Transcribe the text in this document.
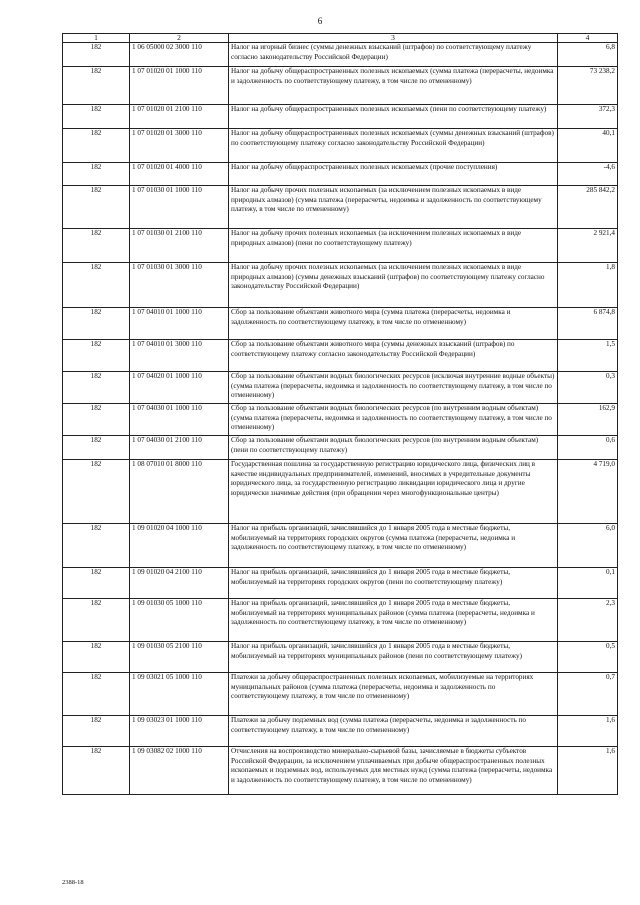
6
1	2	3	4
182	1 06 05000 02 3000 110	Налог на игорный бизнес (суммы денежных взысканий (штрафов) по соответствующему платежу согласно законодательству Российской Федерации)	6,8
182	1 07 01020 01 1000 110	Налог на добычу общераспространенных полезных ископаемых (сумма платежа (перерасчеты, недоимка и задолженность по соответствующему платежу, в том числе по отмененному)	73 238,2
182	1 07 01020 01 2100 110	Налог на добычу общераспространенных полезных ископаемых (пени по соответствующему платежу)	372,3
182	1 07 01020 01 3000 110	Налог на добычу общераспространенных полезных ископаемых (суммы денежных взысканий (штрафов) по соответствующему платежу согласно законодательству Российской Федерации)	40,1
182	1 07 01020 01 4000 110	Налог на добычу общераспространенных полезных ископаемых (прочие поступления)	-4,6
182	1 07 01030 01 1000 110	Налог на добычу прочих полезных ископаемых (за исключением полезных ископаемых в виде природных алмазов) (сумма платежа (перерасчеты, недоимка и задолженность по соответствующему платежу, в том числе по отмененному)	285 842,2
182	1 07 01030 01 2100 110	Налог на добычу прочих полезных ископаемых (за исключением полезных ископаемых в виде природных алмазов) (пени по соответствующему платежу)	2 921,4
182	1 07 01030 01 3000 110	Налог на добычу прочих полезных ископаемых (за исключением полезных ископаемых в виде природных алмазов) (суммы денежных взысканий (штрафов) по соответствующему платежу согласно законодательству Российской Федерации)	1,8
182	1 07 04010 01 1000 110	Сбор за пользование объектами животного мира (сумма платежа (перерасчеты, недоимка и задолженность по соответствующему платежу, в том числе по отмененному)	6 874,8
182	1 07 04010 01 3000 110	Сбор за пользование объектами животного мира (суммы денежных взысканий (штрафов) по соответствующему платежу согласно законодательству Российской Федерации)	1,5
182	1 07 04020 01 1000 110	Сбор за пользование объектами водных биологических ресурсов (исключая внутренние водные объекты) (сумма платежа (перерасчеты, недоимка и задолженность по соответствующему платежу, в том числе по отмененному)	0,3
182	1 07 04030 01 1000 110	Сбор за пользование объектами водных биологических ресурсов (по внутренним водным объектам) (сумма платежа (перерасчеты, недоимка и задолженность по соответствующему платежу, в том числе по отмененному)	162,9
182	1 07 04030 01 2100 110	Сбор за пользование объектами водных биологических ресурсов (по внутренним водным объектам) (пени по соответствующему платежу)	0,6
182	1 08 07010 01 8000 110	Государственная пошлина за государственную регистрацию юридического лица, физических лиц в качестве индивидуальных предпринимателей, изменений, вносимых в учредительные документы юридического лица, за государственную регистрацию ликвидации юридического лица и другие юридически значимые действия (при обращении через многофункциональные центры)	4 719,0
182	1 09 01020 04 1000 110	Налог на прибыль организаций, зачислявшийся до 1 января 2005 года в местные бюджеты, мобилизуемый на территориях городских округов (сумма платежа (перерасчеты, недоимка и задолженность по соответствующему платежу, в том числе по отмененному)	6,0
182	1 09 01020 04 2100 110	Налог на прибыль организаций, зачислявшийся до 1 января 2005 года в местные бюджеты, мобилизуемый на территориях городских округов (пени по соответствующему платежу)	0,1
182	1 09 01030 05 1000 110	Налог на прибыль организаций, зачислявшийся до 1 января 2005 года в местные бюджеты, мобилизуемый на территориях муниципальных районов (сумма платежа (перерасчеты, недоимка и задолженность по соответствующему платежу, в том числе по отмененному)	2,3
182	1 09 01030 05 2100 110	Налог на прибыль организаций, зачислявшийся до 1 января 2005 года в местные бюджеты, мобилизуемый на территориях муниципальных районов (пени по соответствующему платежу)	0,5
182	1 09 03021 05 1000 110	Платежи за добычу общераспространенных полезных ископаемых, мобилизуемые на территориях муниципальных районов (сумма платежа (перерасчеты, недоимка и задолженность по соответствующему платежу, в том числе по отмененному)	0,7
182	1 09 03023 01 1000 110	Платежи за добычу подземных вод (сумма платежа (перерасчеты, недоимка и задолженность по соответствующему платежу, в том числе по отмененному)	1,6
182	1 09 03082 02 1000 110	Отчисления на воспроизводство минерально-сырьевой базы, зачисляемые в бюджеты субъектов Российской Федерации, за исключением уплачиваемых при добыче общераспространенных полезных ископаемых и подземных вод, используемых для местных нужд (сумма платежа (перерасчеты, недоимка и задолженность по соответствующему платежу, в том числе по отмененному)	1,6
2388-18
